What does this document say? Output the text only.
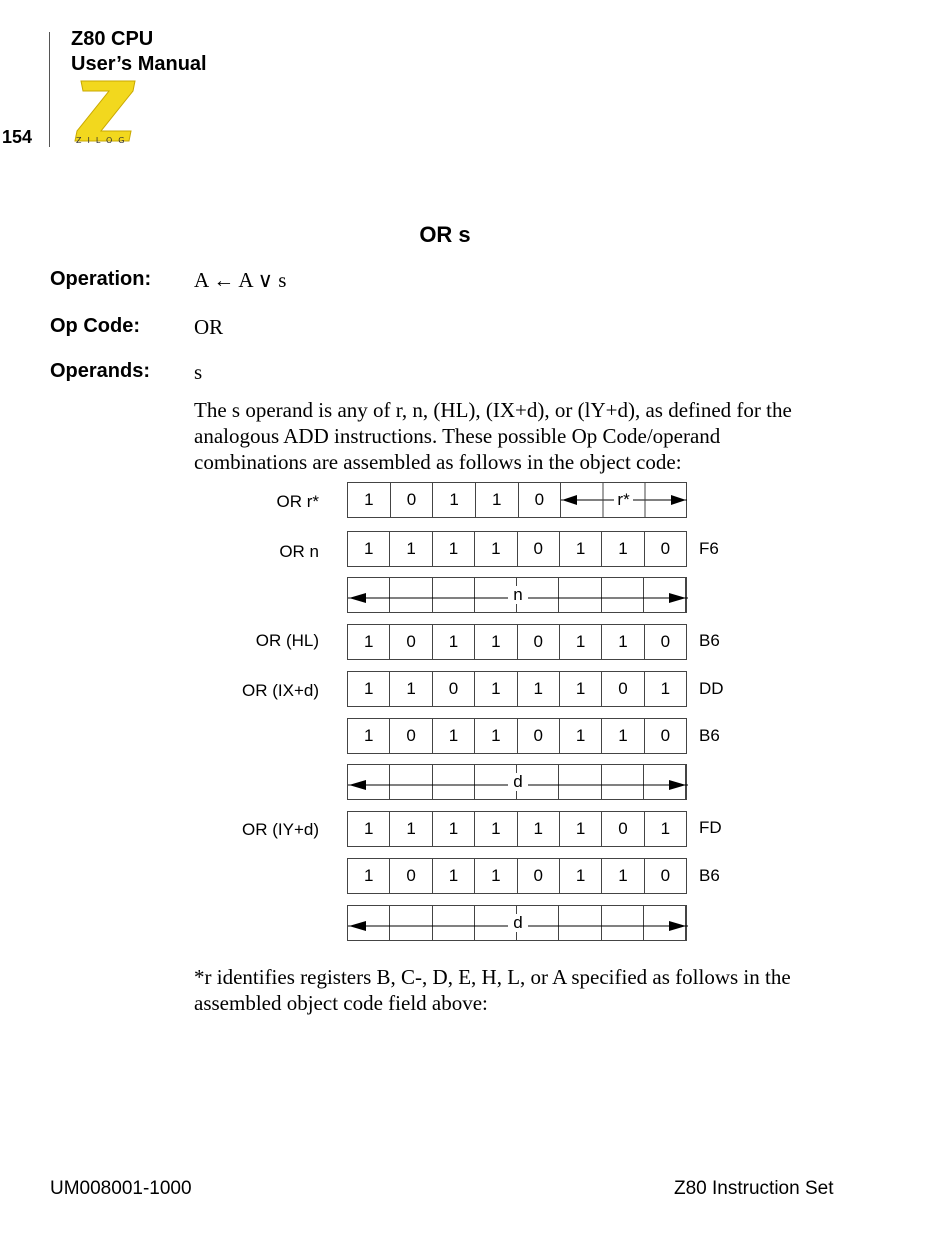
Z80 CPU
User’s Manual
154	ZILOG
OR s
Operation: A ← A ∨ s
Op Code:	OR
Operands: s
The s operand is any of r, n, (HL), (IX+d), or (lY+d), as defined for the analogous ADD instructions. These possible Op Code/operand combinations are assembled as follows in the object code:
OR r*	1	0	1	1	0	r*
OR n	1	1	1	1	0	1	1	0	F6
n
OR (HL)	1	0	1	1	0	1	1	0	B6
OR (IX+d)	1	1	0	1	1	1	0	1	DD
1	0	1	1	0	1	1	0	B6
d
OR (IY+d)	1	1	1	1	1	1	0	1	FD
1	0	1	1	0	1	1	0	B6
d
*r identifies registers B, C-, D, E, H, L, or A specified as follows in the assembled object code field above:
UM008001-1000	Z80 Instruction Set
